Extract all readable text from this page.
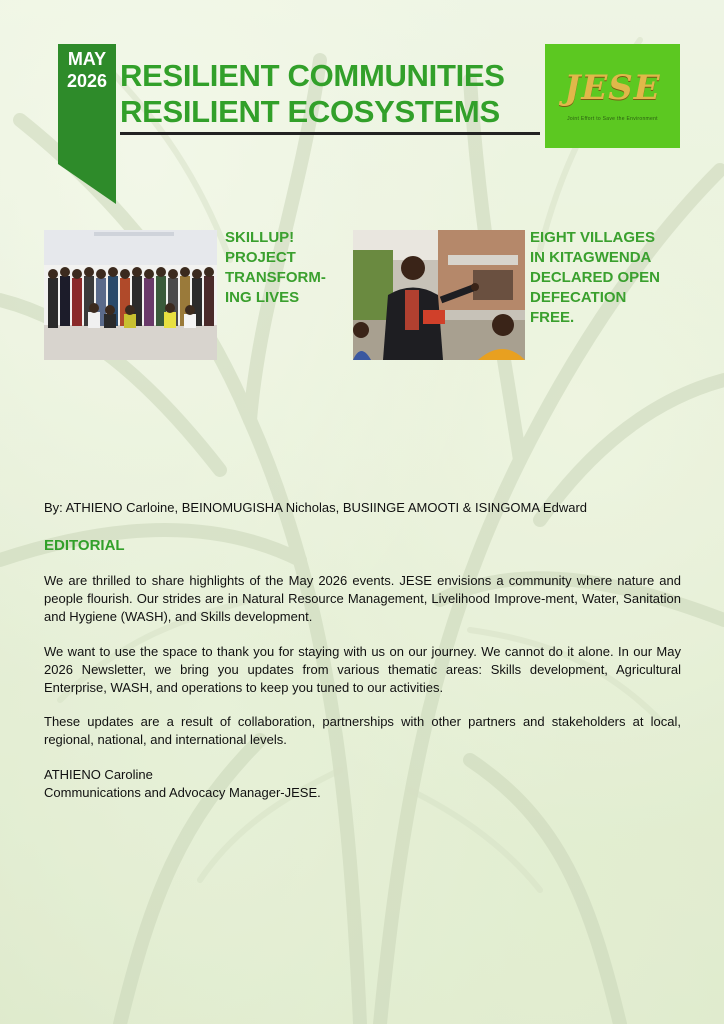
MAY
2026 RESILIENT COMMUNITIES
RESILIENT ECOSYSTEMS
JESE
Joint Effort to Save the Environment
SKILLUP!
PROJECT
TRANSFORM-
ING LIVES
EIGHT VILLAGES
IN KITAGWENDA
DECLARED OPEN
DEFECATION
FREE.
By: ATHIENO Carloine, BEINOMUGISHA Nicholas, BUSIINGE AMOOTI & ISINGOMA Edward
EDITORIAL
We are thrilled to share highlights of the May 2026 events. JESE envisions a community where nature and people flourish. Our strides are in Natural Resource Management, Livelihood Improve-ment, Water, Sanitation and Hygiene (WASH), and Skills development.
We want to use the space to thank you for staying with us on our journey. We cannot do it alone. In our May 2026 Newsletter, we bring you updates from various thematic areas: Skills development, Agricultural Enterprise, WASH, and operations to keep you tuned to our activities.
These updates are a result of collaboration, partnerships with other partners and stakeholders at local, regional, national, and international levels.
ATHIENO Caroline
Communications and Advocacy Manager-JESE.
